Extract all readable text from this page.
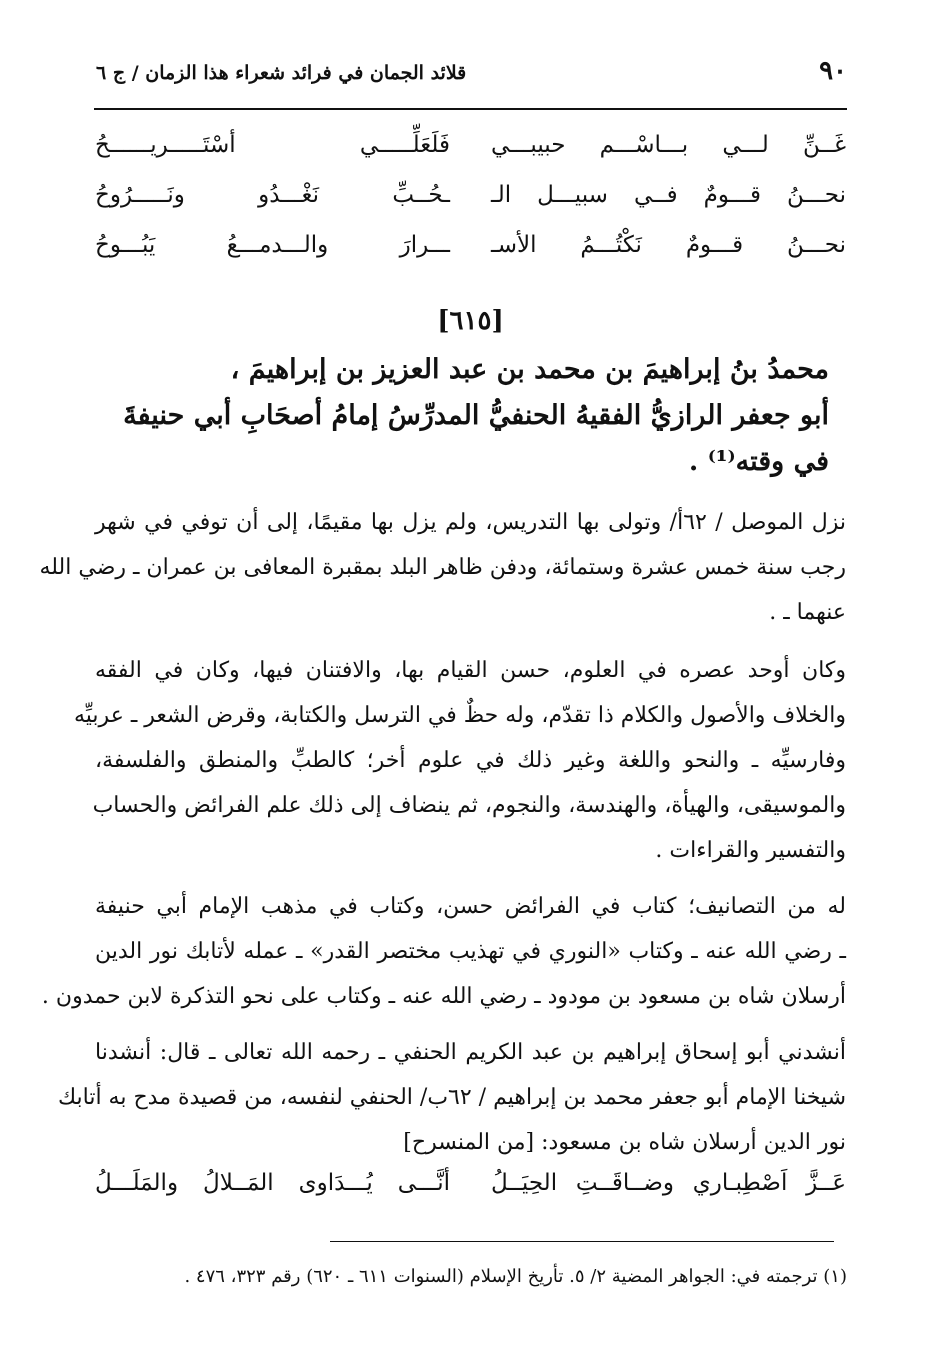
٩٠
قلائد الجمان في فرائد شعراء هذا الزمان / ج ٦
غَــنِّ لـــي بـــاسْـــم حبيبـــي
فَلَعَلِّـــــي أسْتَـــــريــــــحُ
نحـــنُ قـــومٌ فــي سبيـــل الـ
ـحُــبِّ نَغْـــدُو ونَـــــرُوحُ
نحـــنُ قـــومٌ نَكْتُـــمُ الأسـ
ـــرارَ والـــدمـــعُ يَبُـــوحُ
[٦١٥]
محمدُ بنُ إبراهيمَ بن محمد بن عبد العزيز بن إبراهيمَ ،
أبو جعفر الرازيُّ الفقيهُ الحنفيُّ المدرِّسُ إمامُ أصحَابِ أبي حنيفةَ
في وقته⁽¹⁾ .
نزل الموصل / ٦٢أ/ وتولى بها التدريس، ولم يزل بها مقيمًا، إلى أن توفي في شهر
رجب سنة خمس عشرة وستمائة، ودفن ظاهر البلد بمقبرة المعافى بن عمران ـ رضي الله
عنهما ـ .
وكان أوحد عصره في العلوم، حسن القيام بها، والافتنان فيها، وكان في الفقه
والخلاف والأصول والكلام ذا تقدّم، وله حظٌ في الترسل والكتابة، وقرض الشعر ـ عربيِّه
وفارسيِّه ـ والنحو واللغة وغير ذلك في علوم أخر؛ كالطبِّ والمنطق والفلسفة،
والموسيقى، والهيأة، والهندسة، والنجوم، ثم ينضاف إلى ذلك علم الفرائض والحساب
والتفسير والقراءات .
له من التصانيف؛ كتاب في الفرائض حسن، وكتاب في مذهب الإمام أبي حنيفة
ـ رضي الله عنه ـ وكتاب «النوري في تهذيب مختصر القدر» ـ عمله لأتابك نور الدين
أرسلان شاه بن مسعود بن مودود ـ رضي الله عنه ـ وكتاب على نحو التذكرة لابن حمدون .
أنشدني أبو إسحاق إبراهيم بن عبد الكريم الحنفي ـ رحمه الله تعالى ـ قال: أنشدنا
شيخنا الإمام أبو جعفر محمد بن إبراهيم / ٦٢ب/ الحنفي لنفسه، من قصيدة مدح به أتابك
نور الدين أرسلان شاه بن مسعود: [من المنسرح]
عَــزَّ اَصْطِبـاري وضــاقَــتِ الحِيَــلُ
أنَّـــى يُـــدَاوى المَــلالُ والمَلَـــلُ
(١) ترجمته في: الجواهر المضية ٢/ ٥. تأريخ الإسلام (السنوات ٦١١ ـ ٦٢٠) رقم ٣٢٣، ٤٧٦ .
